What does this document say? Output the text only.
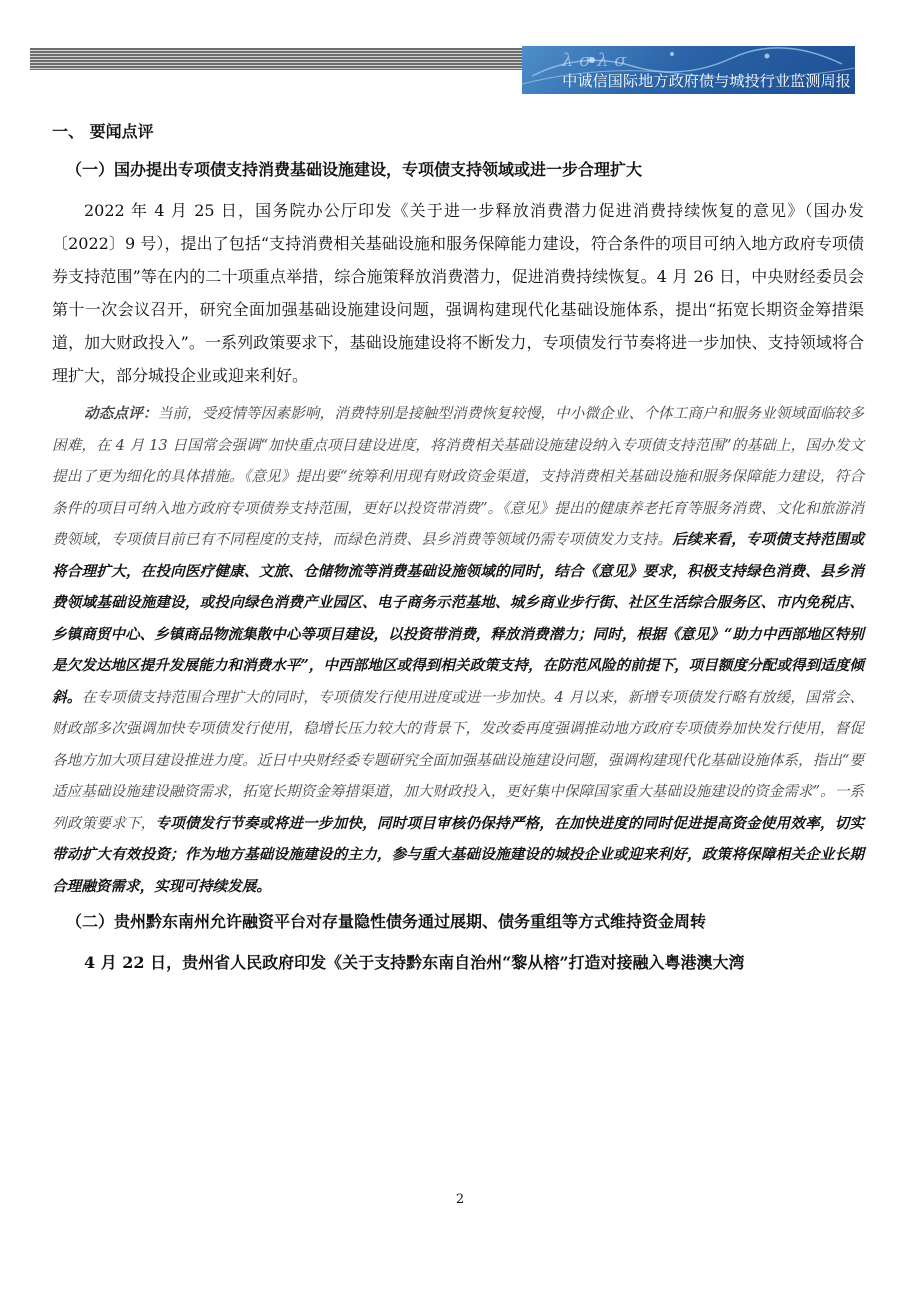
λ σ λ σ
中诚信国际地方政府债与城投行业监测周报
一、 要闻点评
（一）国办提出专项债支持消费基础设施建设，专项债支持领域或进一步合理扩大

2022 年 4 月 25 日，国务院办公厅印发《关于进一步释放消费潜力促进消费持续恢复的意见》（国办发〔2022〕9 号），提出了包括“支持消费相关基础设施和服务保障能力建设，符合条件的项目可纳入地方政府专项债券支持范围”等在内的二十项重点举措，综合施策释放消费潜力，促进消费持续恢复。4 月 26 日，中央财经委员会第十一次会议召开，研究全面加强基础设施建设问题，强调构建现代化基础设施体系，提出“拓宽长期资金筹措渠道，加大财政投入”。一系列政策要求下，基础设施建设将不断发力，专项债发行节奏将进一步加快、支持领域将合理扩大，部分城投企业或迎来利好。

动态点评：当前，受疫情等因素影响，消费特别是接触型消费恢复较慢，中小微企业、个体工商户和服务业领域面临较多困难，在 4 月 13 日国常会强调“加快重点项目建设进度，将消费相关基础设施建设纳入专项债支持范围”的基础上，国办发文提出了更为细化的具体措施。《意见》提出要“统筹利用现有财政资金渠道，支持消费相关基础设施和服务保障能力建设，符合条件的项目可纳入地方政府专项债券支持范围，更好以投资带消费”。《意见》提出的健康养老托育等服务消费、文化和旅游消费领域，专项债目前已有不同程度的支持，而绿色消费、县乡消费等领域仍需专项债发力支持。后续来看，专项债支持范围或将合理扩大，在投向医疗健康、文旅、仓储物流等消费基础设施领域的同时，结合《意见》要求，积极支持绿色消费、县乡消费领域基础设施建设，或投向绿色消费产业园区、电子商务示范基地、城乡商业步行街、社区生活综合服务区、市内免税店、乡镇商贸中心、乡镇商品物流集散中心等项目建设，以投资带消费，释放消费潜力；同时，根据《意见》“助力中西部地区特别是欠发达地区提升发展能力和消费水平”，中西部地区或得到相关政策支持，在防范风险的前提下，项目额度分配或得到适度倾斜。在专项债支持范围合理扩大的同时，专项债发行使用进度或进一步加快。4 月以来，新增专项债发行略有放缓，国常会、财政部多次强调加快专项债发行使用，稳增长压力较大的背景下，发改委再度强调推动地方政府专项债券加快发行使用，督促各地方加大项目建设推进力度。近日中央财经委专题研究全面加强基础设施建设问题，强调构建现代化基础设施体系，指出“要适应基础设施建设融资需求，拓宽长期资金筹措渠道，加大财政投入，更好集中保障国家重大基础设施建设的资金需求”。一系列政策要求下，专项债发行节奏或将进一步加快，同时项目审核仍保持严格，在加快进度的同时促进提高资金使用效率，切实带动扩大有效投资；作为地方基础设施建设的主力，参与重大基础设施建设的城投企业或迎来利好，政策将保障相关企业长期合理融资需求，实现可持续发展。

（二）贵州黔东南州允许融资平台对存量隐性债务通过展期、债务重组等方式维持资金周转

4 月 22 日，贵州省人民政府印发《关于支持黔东南自治州“黎从榕”打造对接融入粤港澳大湾

2
